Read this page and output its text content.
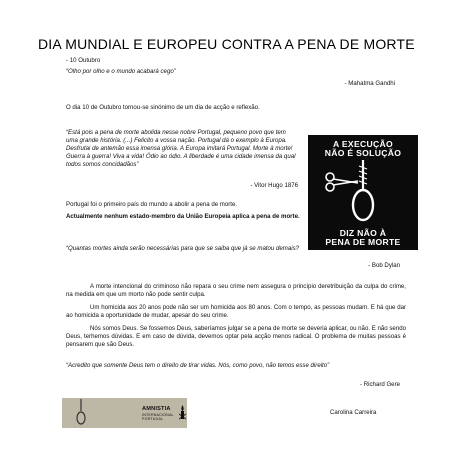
DIA MUNDIAL E EUROPEU CONTRA A PENA DE MORTE
- 10 Outubro
“Olho por olho e o mundo acabará cego”
- Mahatma Gandhi
O dia 10 de Outubro tornou-se sinónimo de um dia de acção e reflexão.
“Está pois a pena de morte abolida nesse nobre Portugal, pequeno povo que tem uma grande história. (...) Felicito a vossa nação. Portugal dá o exemplo à Europa. Desfrutai de antemão essa imensa glória. A Europa imitará Portugal. Morte à morte! Guerra à guerra! Viva a vida! Ódio ao ódio. A liberdade é uma cidade imensa da qual todos somos concidadãos”
- Vitor Hugo 1876
A EXECUÇÃO
NÃO É SOLUÇÃO
DIZ NÃO À
PENA DE MORTE
Portugal foi o primeiro país do mundo a abolir a pena de morte.
Actualmente nenhum estado-membro da União Europeia aplica a pena de morte.
“Quantas mortes ainda serão necessárias para que se saiba que já se matou demais?
- Bob Dylan
A morte intencional do criminoso não repara o seu crime nem assegura o princípio deretribuição da culpa do crime, na medida em que um morto não pode sentir culpa.
Um homicida aos 20 anos pode não ser um homicida aos 80 anos. Com o tempo, as pessoas mudam. E há que dar ao homicida a oportunidade de mudar, apesar do seu crime.
Nós somos Deus. Se fossemos Deus, saberíamos julgar se a pena de morte se deveria aplicar, ou não. E não sendo Deus, terhemos dúvidas. E em caso de dúvida, devemos optar pela acção menos radical. O problema de muitas pessoas é pensarem que são Deus.
“Acredito que somente Deus tem o direito de tirar vidas. Nós, como povo, não temos esse direito”
- Richard Gere
AMNISTIA
INTERNACIONAL
PORTUGAL
Carolina Carreira
